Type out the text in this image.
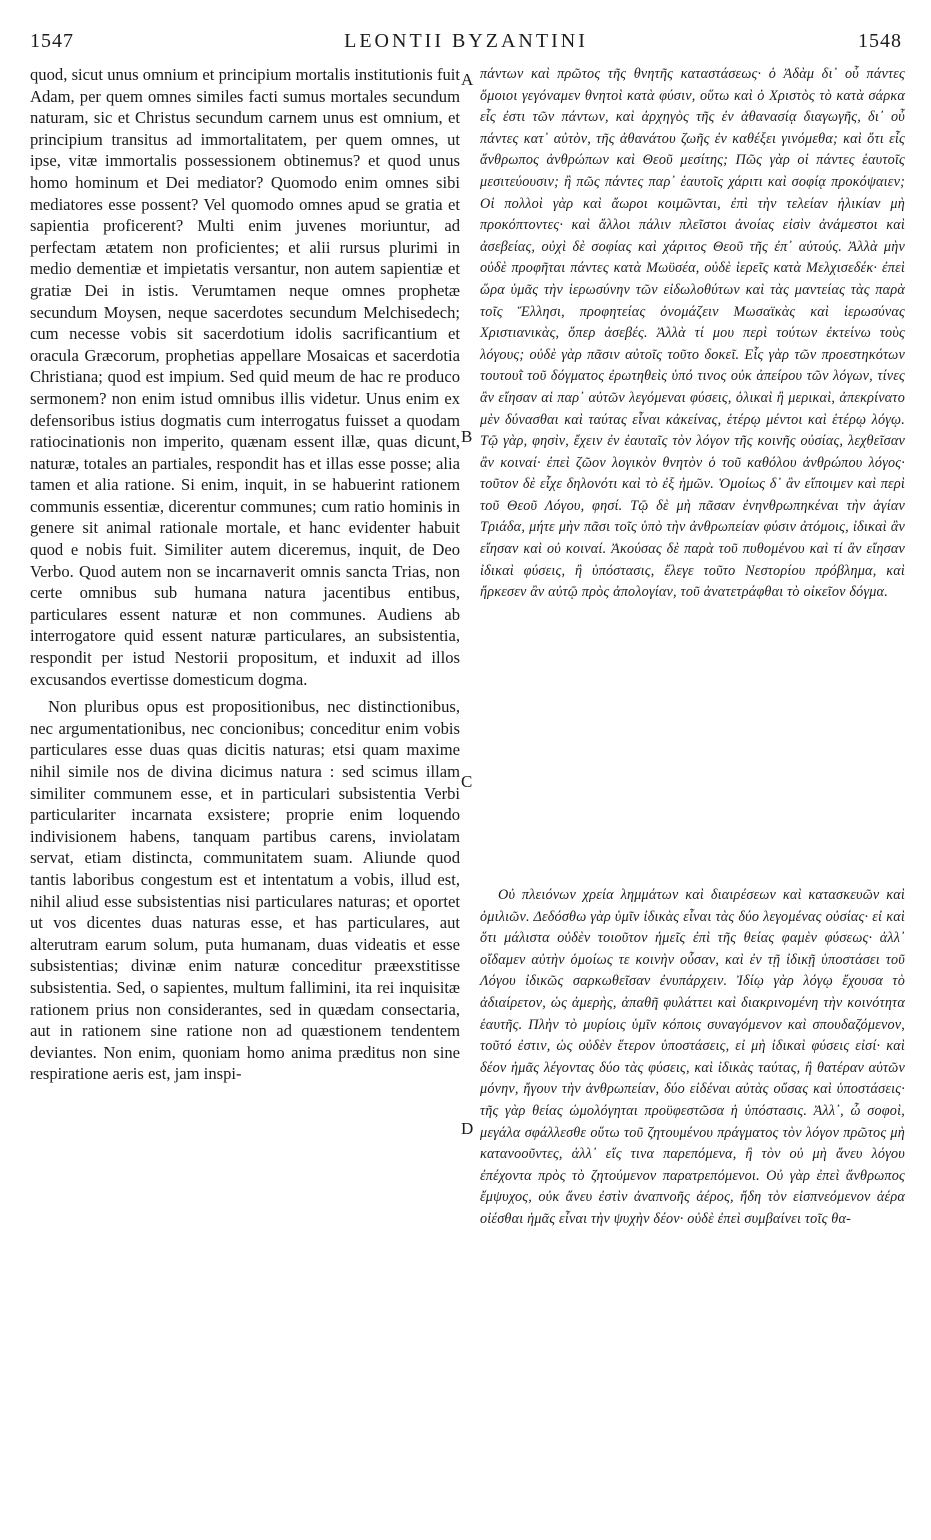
1547	LEONTII BYZANTINI	1548

quod, sicut unus omnium et principium mortalis institutionis fuit Adam, per quem omnes similes facti sumus mortales secundum naturam, sic et Christus secundum carnem unus est omnium, et principium transitus ad immortalitatem, per quem omnes, ut ipse, vitæ immortalis possessionem obtinemus? et quod unus homo hominum et Dei mediator? Quomodo enim omnes sibi mediatores esse possent? Vel quomodo omnes apud se gratia et sapientia proficerent? Multi enim juvenes moriuntur, ad perfectam ætatem non proficientes; et alii rursus plurimi in medio dementiæ et impietatis versantur, non autem sapientiæ et gratiæ Dei in istis. Verumtamen neque omnes prophetæ secundum Moysen, neque sacerdotes secundum Melchisedech; cum necesse vobis sit sacerdotium idolis sacrificantium et oracula Græcorum, prophetias appellare Mosaicas et sacerdotia Christiana; quod est impium. Sed quid meum de hac re produco sermonem? non enim istud omnibus illis videtur. Unus enim ex defensoribus istius dogmatis cum interrogatus fuisset a quodam ratiocinationis non imperito, quænam essent illæ, quas dicunt, naturæ, totales an partiales, respondit has et illas esse posse; alia tamen et alia ratione. Si enim, inquit, in se habuerint rationem communis essentiæ, dicerentur communes; cum ratio hominis in genere sit animal rationale mortale, et hanc evidenter habuit quod e nobis fuit. Similiter autem diceremus, inquit, de Deo Verbo. Quod autem non se incarnaverit omnis sancta Trias, non certe omnibus sub humana natura jacentibus entibus, particulares essent naturæ et non communes. Audiens ab interrogatore quid essent naturæ particulares, an subsistentia, respondit per istud Nestorii propositum, et induxit ad illos excusandos evertisse domesticum dogma.

Non pluribus opus est propositionibus, nec distinctionibus, nec argumentationibus, nec concionibus; conceditur enim vobis particulares esse duas quas dicitis naturas; etsi quam maxime nihil simile nos de divina dicimus natura : sed scimus illam similiter communem esse, et in particulari subsistentia Verbi particulariter incarnata exsistere; proprie enim loquendo indivisionem habens, tanquam partibus carens, inviolatam servat, etiam distincta, communitatem suam. Aliunde quod tantis laboribus congestum est et intentatum a vobis, illud est, nihil aliud esse subsistentias nisi particulares naturas; et oportet ut vos dicentes duas naturas esse, et has particulares, aut alterutram earum solum, puta humanam, duas videatis et esse subsistentias; divinæ enim naturæ conceditur præexstitisse subsistentia. Sed, o sapientes, multum fallimini, ita rei inquisitæ rationem prius non considerantes, sed in quædam consectaria, aut in rationem sine ratione non ad quæstionem tendentem deviantes. Non enim, quoniam homo anima præditus non sine respiratione aeris est, jam inspi-

A
B
C
D

πάντων καὶ πρῶτος τῆς θνητῆς καταστάσεως· ὁ Ἀδὰμ δι᾿ οὗ πάντες ὅμοιοι γεγόναμεν θνητοὶ κατὰ φύσιν, οὕτω καὶ ὁ Χριστὸς τὸ κατὰ σάρκα εἷς ἐστι τῶν πάντων, καὶ ἀρχηγὸς τῆς ἐν ἀθανασίᾳ διαγωγῆς, δι᾿ οὗ πάντες κατ᾿ αὐτὸν, τῆς ἀθανάτου ζωῆς ἐν καθέξει γινόμεθα; καὶ ὅτι εἷς ἄνθρωπος ἀνθρώπων καὶ Θεοῦ μεσίτης; Πῶς γὰρ οἱ πάντες ἑαυτοῖς μεσιτεύουσιν; ἢ πῶς πάντες παρ᾿ ἑαυτοῖς χάριτι καὶ σοφίᾳ προκόψαιεν; Οἱ πολλοὶ γὰρ καὶ ἄωροι κοιμῶνται, ἐπὶ τὴν τελείαν ἡλικίαν μὴ προκόπτοντες· καὶ ἄλλοι πάλιν πλεῖστοι ἀνοίας εἰσὶν ἀνάμεστοι καὶ ἀσεβείας, οὐχὶ δὲ σοφίας καὶ χάριτος Θεοῦ τῆς ἐπ᾿ αὐτούς. Ἀλλὰ μὴν οὐδὲ προφῆται πάντες κατὰ Μωϋσέα, οὐδὲ ἱερεῖς κατὰ Μελχισεδέκ· ἐπεὶ ὥρα ὑμᾶς τὴν ἱερωσύνην τῶν εἰδωλοθύτων καὶ τὰς μαντείας τὰς παρὰ τοῖς Ἕλλησι, προφητείας ὀνομάζειν Μωσαϊκὰς καὶ ἱερωσύνας Χριστιανικὰς, ὅπερ ἀσεβές. Ἀλλὰ τί μου περὶ τούτων ἐκτείνω τοὺς λόγους; οὐδὲ γὰρ πᾶσιν αὐτοῖς τοῦτο δοκεῖ. Εἷς γὰρ τῶν προεστηκότων τουτουῒ τοῦ δόγματος ἐρωτηθεὶς ὑπό τινος οὐκ ἀπείρου τῶν λόγων, τίνες ἂν εἴησαν αἱ παρ᾿ αὐτῶν λεγόμεναι φύσεις, ὁλικαὶ ἢ μερικαὶ, ἀπεκρίνατο μὲν δύνασθαι καὶ ταύτας εἶναι κἀκείνας, ἑτέρῳ μέντοι καὶ ἑτέρῳ λόγῳ. Τῷ γὰρ, φησὶν, ἔχειν ἐν ἑαυταῖς τὸν λόγον τῆς κοινῆς οὐσίας, λεχθεῖσαν ἂν κοιναί· ἐπεὶ ζῶον λογικὸν θνητὸν ὁ τοῦ καθόλου ἀνθρώπου λόγος· τοῦτον δὲ εἶχε δηλονότι καὶ τὸ ἐξ ἡμῶν. Ὁμοίως δ᾿ ἂν εἴποιμεν καὶ περὶ τοῦ Θεοῦ Λόγου, φησί. Τῷ δὲ μὴ πᾶσαν ἐνηνθρωπηκέναι τὴν ἁγίαν Τριάδα, μήτε μὴν πᾶσι τοῖς ὑπὸ τὴν ἀνθρωπείαν φύσιν ἀτόμοις, ἰδικαὶ ἂν εἴησαν καὶ οὐ κοιναί. Ἀκούσας δὲ παρὰ τοῦ πυθομένου καὶ τί ἂν εἴησαν ἰδικαὶ φύσεις, ἢ ὑπόστασις, ἔλεγε τοῦτο Νεστορίου πρόβλημα, καὶ ἤρκεσεν ἂν αὐτῷ πρὸς ἀπολογίαν, τοῦ ἀνατετράφθαι τὸ οἰκεῖον δόγμα.

Οὐ πλειόνων χρεία λημμάτων καὶ διαιρέσεων καὶ κατασκευῶν καὶ ὁμιλιῶν. Δεδόσθω γὰρ ὑμῖν ἰδικὰς εἶναι τὰς δύο λεγομένας οὐσίας· εἰ καὶ ὅτι μάλιστα οὐδὲν τοιοῦτον ἡμεῖς ἐπὶ τῆς θείας φαμὲν φύσεως· ἀλλ᾿ οἴδαμεν αὐτὴν ὁμοίως τε κοινὴν οὖσαν, καὶ ἐν τῇ ἰδικῇ ὑποστάσει τοῦ Λόγου ἰδικῶς σαρκωθεῖσαν ἐνυπάρχειν. Ἰδίῳ γὰρ λόγῳ ἔχουσα τὸ ἀδιαίρετον, ὡς ἀμερὴς, ἀπαθῆ φυλάττει καὶ διακρινομένη τὴν κοινότητα ἑαυτῆς. Πλὴν τὸ μυρίοις ὑμῖν κόποις συναγόμενον καὶ σπουδαζόμενον, τοῦτό ἐστιν, ὡς οὐδὲν ἕτερον ὑποστάσεις, εἰ μὴ ἰδικαὶ φύσεις εἰσί· καὶ δέον ἡμᾶς λέγοντας δύο τὰς φύσεις, καὶ ἰδικὰς ταύτας, ἢ θατέραν αὐτῶν μόνην, ἤγουν τὴν ἀνθρωπείαν, δύο εἰδέναι αὐτὰς οὔσας καὶ ὑποστάσεις· τῆς γὰρ θείας ὡμολόγηται προϋφεστῶσα ἡ ὑπόστασις. Ἀλλ᾿, ὦ σοφοὶ, μεγάλα σφάλλεσθε οὕτω τοῦ ζητουμένου πράγματος τὸν λόγον πρῶτος μὴ κατανοοῦντες, ἀλλ᾿ εἴς τινα παρεπόμενα, ἢ τὸν οὐ μὴ ἄνευ λόγου ἐπέχοντα πρὸς τὸ ζητούμενον παρατρεπόμενοι. Οὐ γὰρ ἐπεὶ ἄνθρωπος ἔμψυχος, οὐκ ἄνευ ἐστὶν ἀναπνοῆς ἀέρος, ἤδη τὸν εἰσπνεόμενον ἀέρα οἰέσθαι ἡμᾶς εἶναι τὴν ψυχὴν δέον· οὐδὲ ἐπεὶ συμβαίνει τοῖς θα-
